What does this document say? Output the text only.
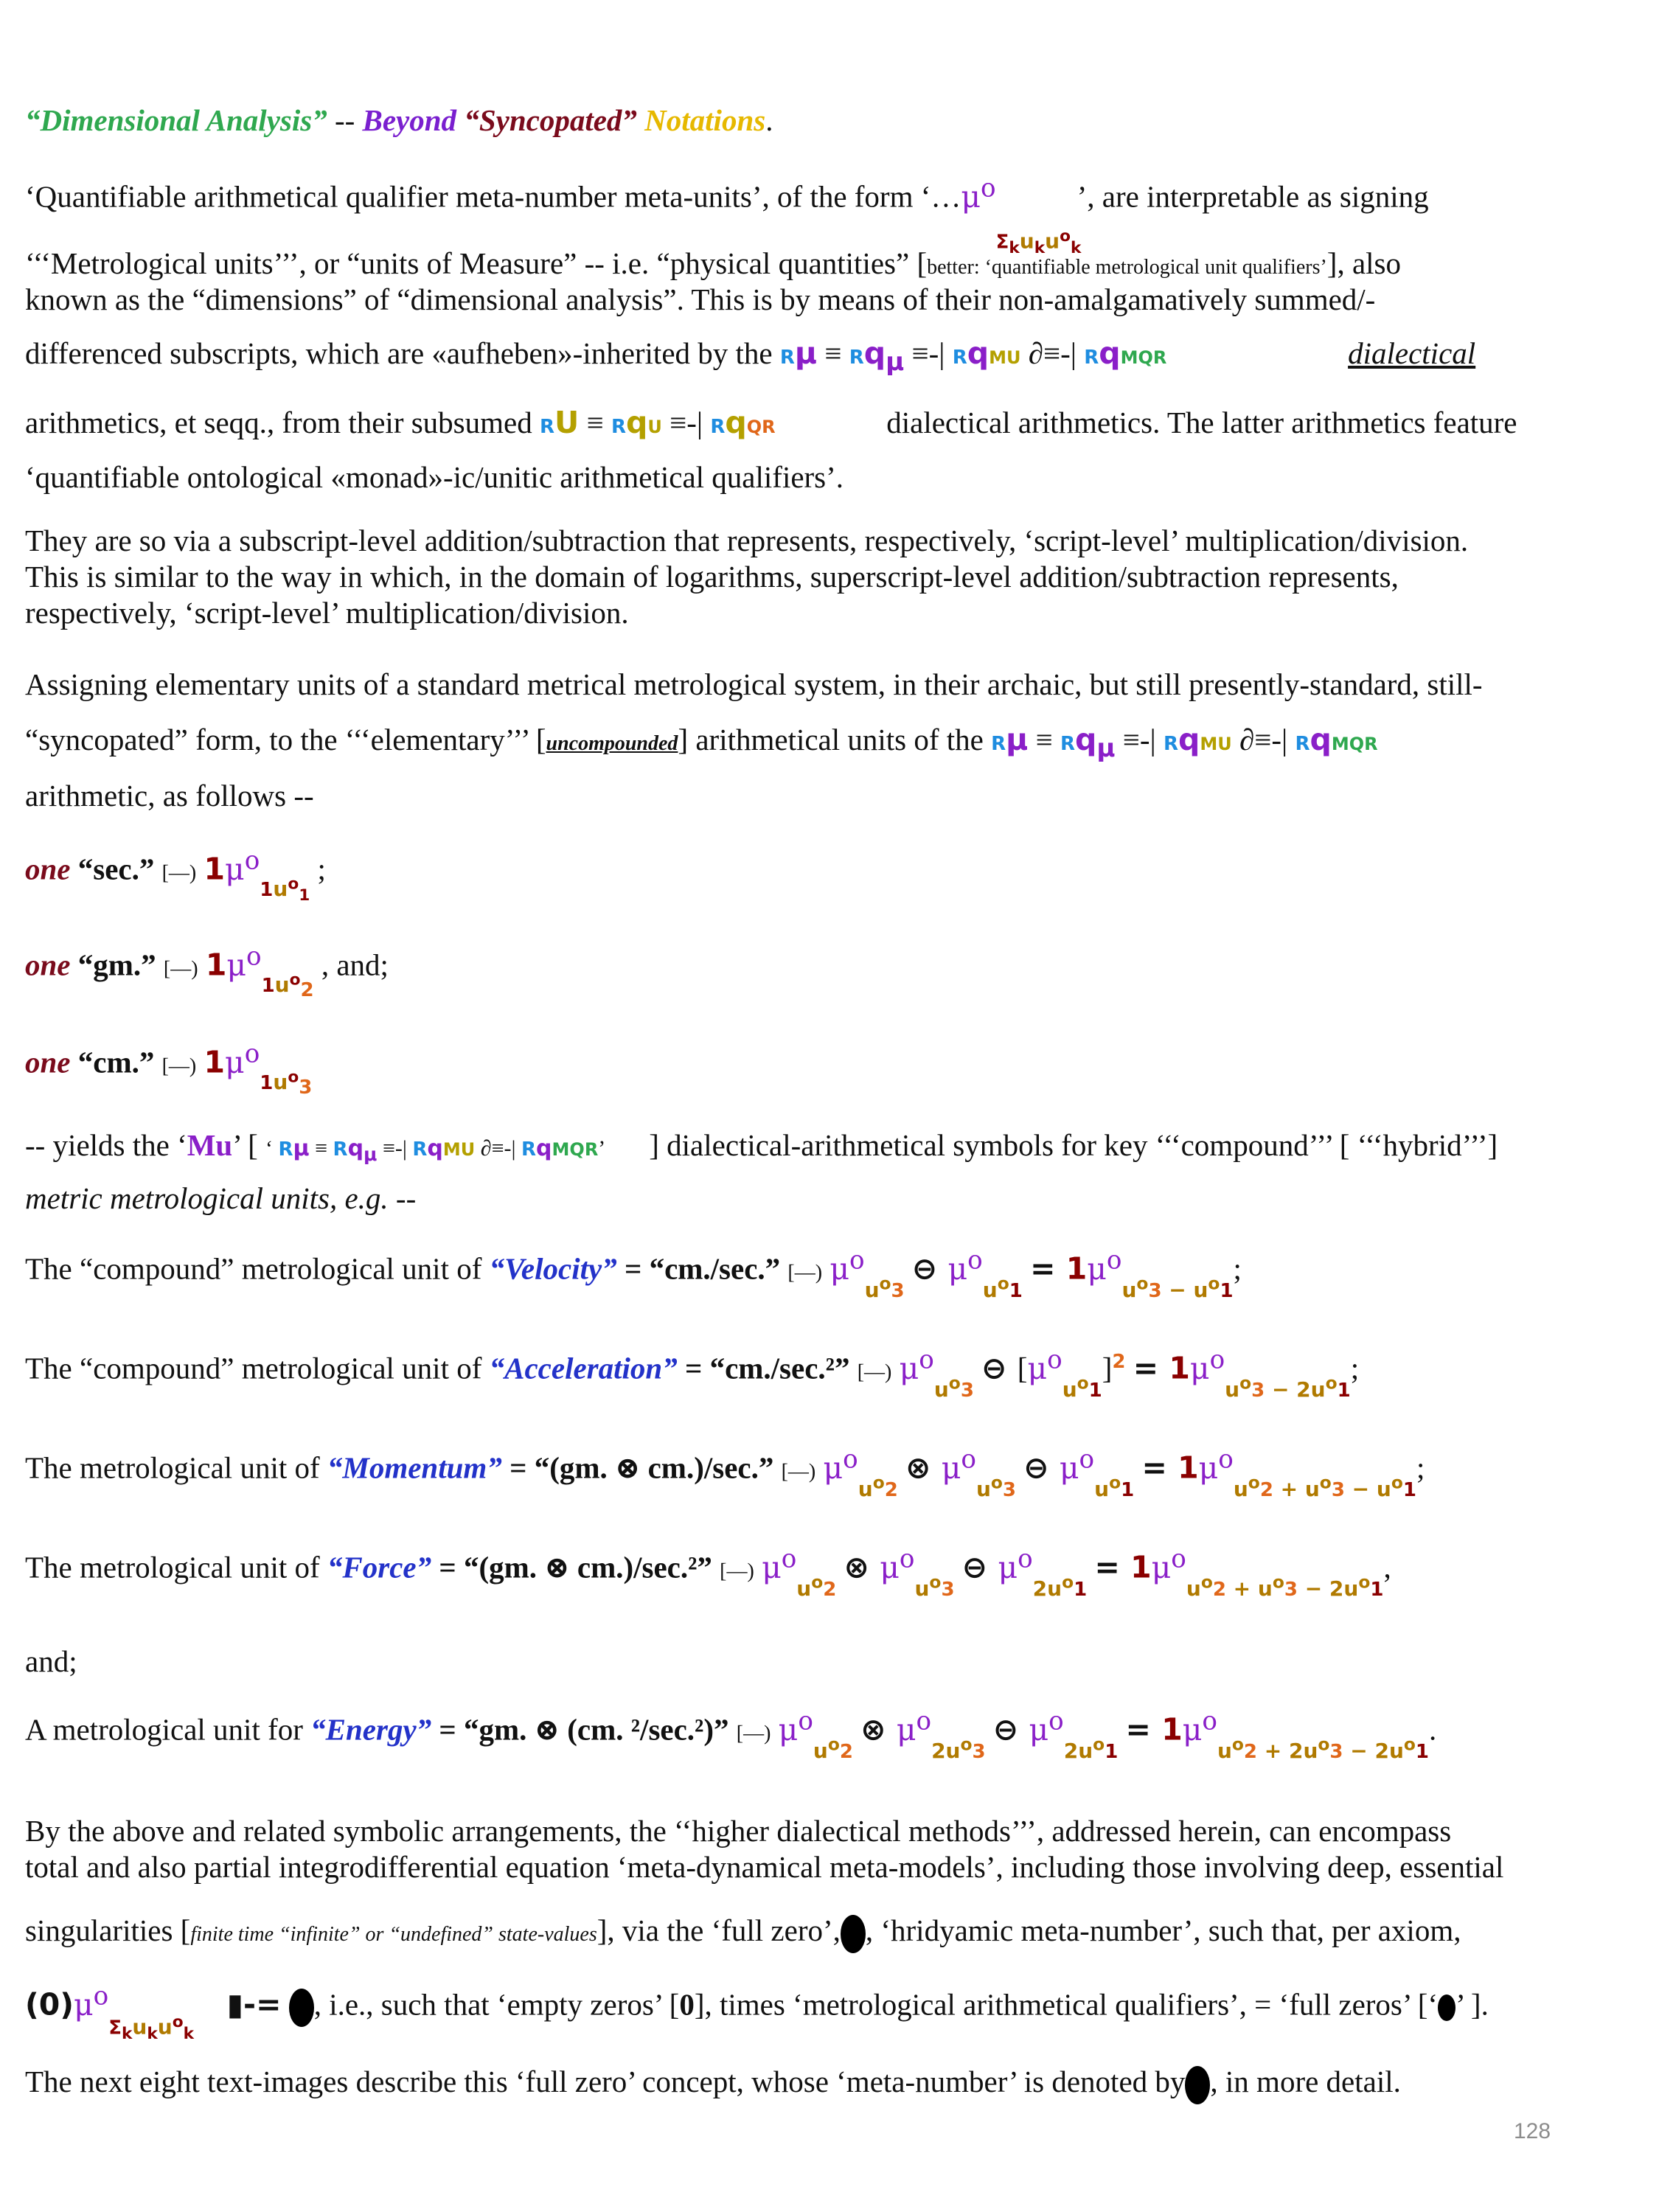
“Dimensional Analysis” -- Beyond “Syncopated” Notations.
‘Quantifiable arithmetical qualifier meta-number meta-units’, of the form ‘$\dots\mu^o$
$\Sigma_ku_ku^o_k$
’, are interpretable as signing
‘‘‘Metrological units’’’, or “units of Measure” -- i.e. “physical quantities” [better: ‘quantifiable metrological unit qualifiers’], also
known as the “dimensions” of “dimensional analysis”. This is by means of their non-amalgamatively summed/-
differenced subscripts, which are «aufheben»-inherited by the $R\mu \equiv Rq_\mu$ ≡-| RqMU ∂≡-| RqMQR	dialectical
arithmetics, et seqq., from their subsumed RU ≡ RqU ≡-| RqQR	dialectical arithmetics. The latter arithmetics feature
‘quantifiable ontological «monad»-ic/unitic arithmetical qualifiers’.
They are so via a subscript-level addition/subtraction that represents, respectively, ‘script-level’ multiplication/division.
This is similar to the way in which, in the domain of logarithms, superscript-level addition/subtraction represents,
respectively, ‘script-level’ multiplication/division.
Assigning elementary units of a standard metrical metrological system, in their archaic, but still presently-standard, still-
“syncopated” form, to the ‘‘‘elementary’’’ [uncompounded] arithmetical units of the $R\mu \equiv Rq_\mu$ ≡-| RqMU ∂≡-| RqMQR
arithmetic, as follows --
one “sec.” [—) $1\mu^o_{1u^o_1}$ ;
one “gm.” [—) $1\mu^o_{1u^o_2}$ , and;
one “cm.” [—) $1\mu^o_{1u^o_3}$
-- yields the ‘Mu’ [ ‘ $R\mu \equiv Rq_\mu$ ≡-| RqMU ∂≡-| RqMQR’ ] dialectical-arithmetical symbols for key ‘‘‘compound’’’ [ ‘‘‘hybrid’’’]
metric metrological units, e.g. --
The “compound” metrological unit of “Velocity” = “cm./sec.” [—) $\mu^o_{u^o3}$ ⊖ $\mu^o_{u^o1} = 1\mu^o_{u^o3 - u^o1}$;
The “compound” metrological unit of “Acceleration” = “cm./sec.²” [—) $\mu^o_{u^o3}$ ⊖ $[\mu^o_{u^o1}]^2 = 1\mu^o_{u^o3 - 2u^o1}$;
The metrological unit of “Momentum” = “(gm. ⊗ cm.)/sec.” [—) $\mu^o_{u^o2}$ ⊗ $\mu^o_{u^o3}$ ⊖ $\mu^o_{u^o1} = 1\mu^o_{u^o2 + u^o3 - u^o1}$;
The metrological unit of “Force” = “(gm. ⊗ cm.)/sec.²” [—) $\mu^o_{u^o2}$ ⊗ $\mu^o_{u^o3}$ ⊖ $\mu^o_{2u^o1} = 1\mu^o_{u^o2 + u^o3 - 2u^o1}$,
and;
A metrological unit for “Energy” = “gm. ⊗ (cm. ²/sec.²)” [—) $\mu^o_{u^o2}$ ⊗ $\mu^o_{2u^o3}$ ⊖ $\mu^o_{2u^o1} = 1\mu^o_{u^o2 + 2u^o3 - 2u^o1}$.
By the above and related symbolic arrangements, the ‘‘higher dialectical methods’’’, addressed herein, can encompass
total and also partial integrodifferential equation ‘meta-dynamical meta-models’, including those involving deep, essential
singularities [finite time “infinite” or “undefined” state-values], via the ‘full zero’, , ‘hridyamic meta-number’, such that, per axiom,
$(0)\mu^o\Sigma_ku_ku^o_k$ ▮-= , i.e., such that ‘empty zeros’ [0], times ‘metrological arithmetical qualifiers’, = ‘full zeros’ [‘ ’ ].
The next eight text-images describe this ‘full zero’ concept, whose ‘meta-number’ is denoted by , in more detail.
128
